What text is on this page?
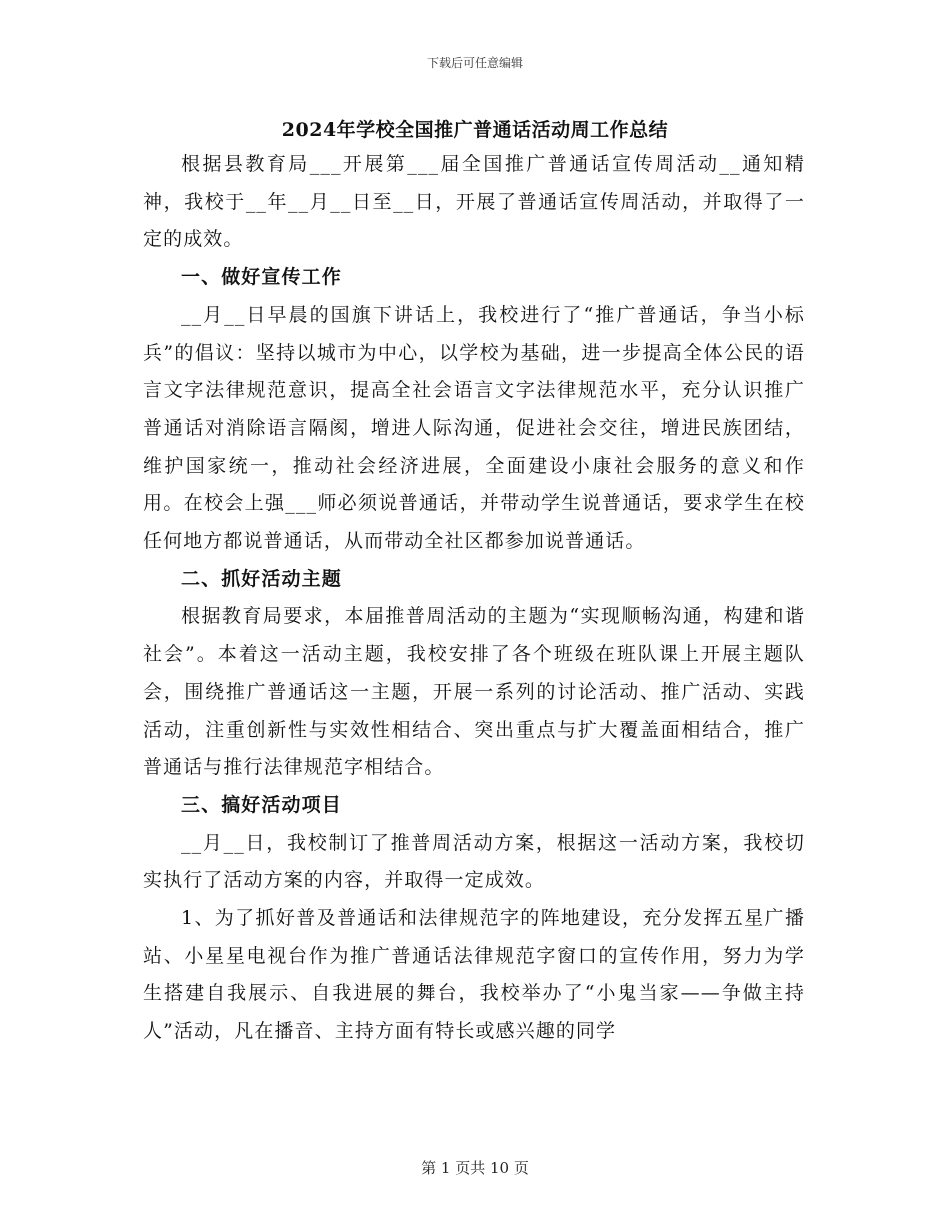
下载后可任意编辑
2024年学校全国推广普通话活动周工作总结

根据县教育局___开展第___届全国推广普通话宣传周活动__通知精神，我校于__年__月__日至__日，开展了普通话宣传周活动，并取得了一定的成效。

一、做好宣传工作

__月__日早晨的国旗下讲话上，我校进行了“推广普通话，争当小标兵”的倡议：坚持以城市为中心，以学校为基础，进一步提高全体公民的语言文字法律规范意识，提高全社会语言文字法律规范水平，充分认识推广普通话对消除语言隔阂，增进人际沟通，促进社会交往，增进民族团结，维护国家统一，推动社会经济进展，全面建设小康社会服务的意义和作用。在校会上强___师必须说普通话，并带动学生说普通话，要求学生在校任何地方都说普通话，从而带动全社区都参加说普通话。

二、抓好活动主题

根据教育局要求，本届推普周活动的主题为“实现顺畅沟通，构建和谐社会”。本着这一活动主题，我校安排了各个班级在班队课上开展主题队会，围绕推广普通话这一主题，开展一系列的讨论活动、推广活动、实践活动，注重创新性与实效性相结合、突出重点与扩大覆盖面相结合，推广普通话与推行法律规范字相结合。

三、搞好活动项目

__月__日，我校制订了推普周活动方案，根据这一活动方案，我校切实执行了活动方案的内容，并取得一定成效。

1、为了抓好普及普通话和法律规范字的阵地建设，充分发挥五星广播站、小星星电视台作为推广普通话法律规范字窗口的宣传作用，努力为学生搭建自我展示、自我进展的舞台，我校举办了“小鬼当家——争做主持人”活动，凡在播音、主持方面有特长或感兴趣的同学

第 1 页共 10 页
